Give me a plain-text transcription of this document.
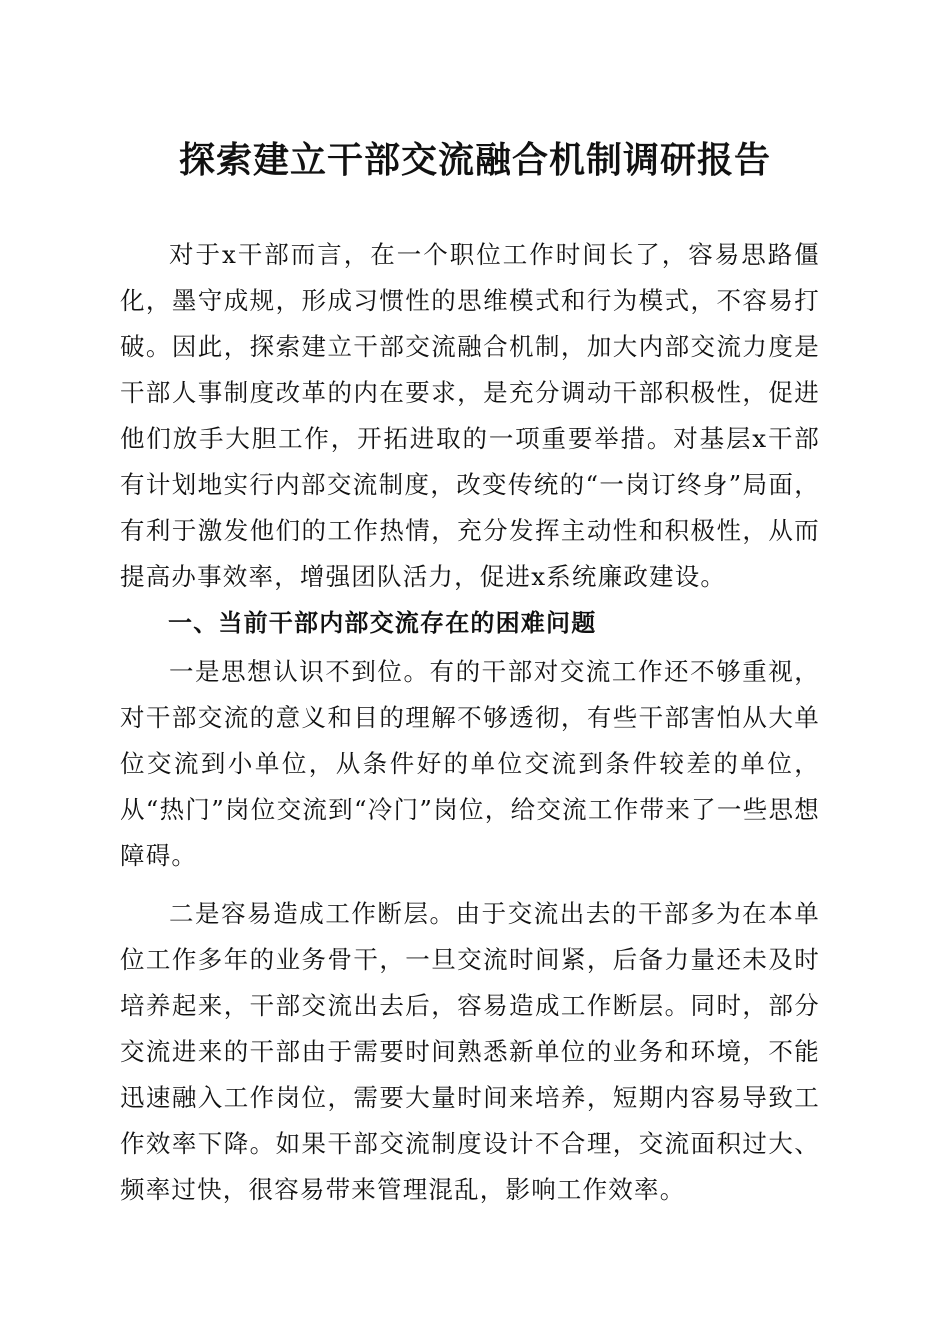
探索建立干部交流融合机制调研报告

对于x干部而言，在一个职位工作时间长了，容易思路僵化，墨守成规，形成习惯性的思维模式和行为模式，不容易打破。因此，探索建立干部交流融合机制，加大内部交流力度是干部人事制度改革的内在要求，是充分调动干部积极性，促进他们放手大胆工作，开拓进取的一项重要举措。对基层x干部有计划地实行内部交流制度，改变传统的“一岗订终身”局面，有利于激发他们的工作热情，充分发挥主动性和积极性，从而提高办事效率，增强团队活力，促进x系统廉政建设。

一、当前干部内部交流存在的困难问题

一是思想认识不到位。有的干部对交流工作还不够重视，对干部交流的意义和目的理解不够透彻，有些干部害怕从大单位交流到小单位，从条件好的单位交流到条件较差的单位，从“热门”岗位交流到“冷门”岗位，给交流工作带来了一些思想障碍。

二是容易造成工作断层。由于交流出去的干部多为在本单位工作多年的业务骨干，一旦交流时间紧，后备力量还未及时培养起来，干部交流出去后，容易造成工作断层。同时，部分交流进来的干部由于需要时间熟悉新单位的业务和环境，不能迅速融入工作岗位，需要大量时间来培养，短期内容易导致工作效率下降。如果干部交流制度设计不合理，交流面积过大、频率过快，很容易带来管理混乱，影响工作效率。
